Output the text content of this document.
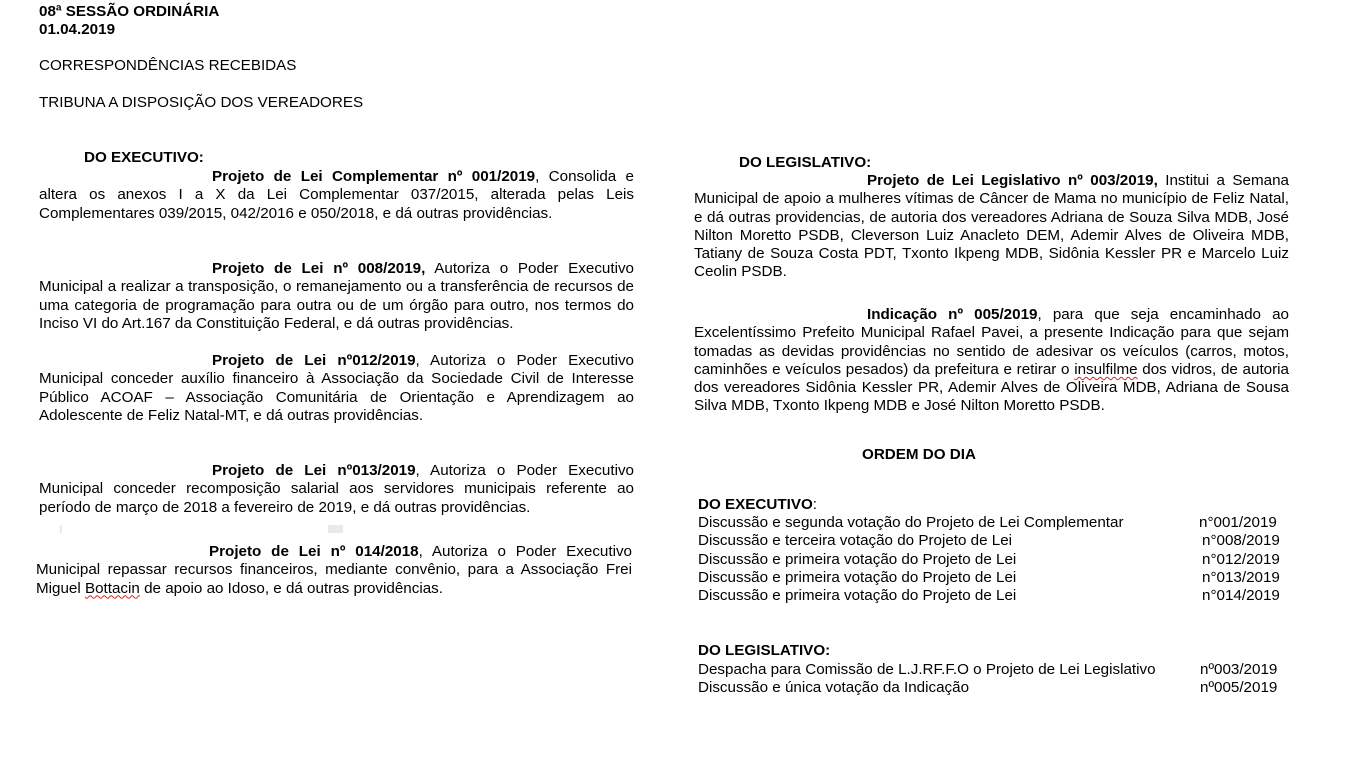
08ª SESSÃO ORDINÁRIA
01.04.2019
CORRESPONDÊNCIAS RECEBIDAS
TRIBUNA A DISPOSIÇÃO DOS VEREADORES
DO EXECUTIVO:

Projeto de Lei Complementar nº 001/2019, Consolida e altera os anexos I a X da Lei Complementar 037/2015, alterada pelas Leis Complementares 039/2015, 042/2016 e 050/2018, e dá outras providências.

Projeto de Lei nº 008/2019, Autoriza o Poder Executivo Municipal a realizar a transposição, o remanejamento ou a transferência de recursos de uma categoria de programação para outra ou de um órgão para outro, nos termos do Inciso VI do Art.167 da Constituição Federal, e dá outras providências.

Projeto de Lei nº012/2019, Autoriza o Poder Executivo Municipal conceder auxílio financeiro à Associação da Sociedade Civil de Interesse Público ACOAF – Associação Comunitária de Orientação e Aprendizagem ao Adolescente de Feliz Natal-MT, e dá outras providências.

Projeto de Lei nº013/2019, Autoriza o Poder Executivo Municipal conceder recomposição salarial aos servidores municipais referente ao período de março de 2018 a fevereiro de 2019, e dá outras providências.

Projeto de Lei nº 014/2018, Autoriza o Poder Executivo Municipal repassar recursos financeiros, mediante convênio, para a Associação Frei Miguel Bottacin de apoio ao Idoso, e dá outras providências.

DO LEGISLATIVO:

Projeto de Lei Legislativo nº 003/2019, Institui a Semana Municipal de apoio a mulheres vítimas de Câncer de Mama no município de Feliz Natal, e dá outras providencias, de autoria dos vereadores Adriana de Souza Silva MDB, José Nilton Moretto PSDB, Cleverson Luiz Anacleto DEM, Ademir Alves de Oliveira MDB, Tatiany de Souza Costa PDT, Txonto Ikpeng MDB, Sidônia Kessler PR e Marcelo Luiz Ceolin PSDB.

Indicação nº 005/2019, para que seja encaminhado ao Excelentíssimo Prefeito Municipal Rafael Pavei, a presente Indicação para que sejam tomadas as devidas providências no sentido de adesivar os veículos (carros, motos, caminhões e veículos pesados) da prefeitura e retirar o insulfilme dos vidros, de autoria dos vereadores Sidônia Kessler PR, Ademir Alves de Oliveira MDB, Adriana de Sousa Silva MDB, Txonto Ikpeng MDB e José Nilton Moretto PSDB.

ORDEM DO DIA
DO EXECUTIVO:
Discussão e segunda votação do Projeto de Lei Complementar	n°001/2019
Discussão e terceira votação do Projeto de Lei	n°008/2019
Discussão e primeira votação do Projeto de Lei	n°012/2019
Discussão e primeira votação do Projeto de Lei	n°013/2019
Discussão e primeira votação do Projeto de Lei	n°014/2019
DO LEGISLATIVO:
Despacha para Comissão de L.J.RF.F.O o Projeto de Lei Legislativo	nº003/2019
Discussão e única votação da Indicação	nº005/2019
